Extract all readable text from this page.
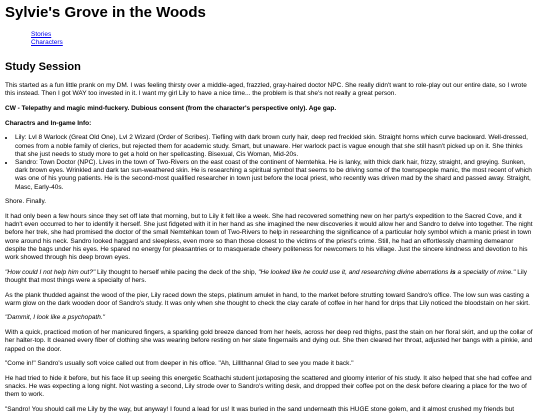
Sylvie's Grove in the Woods
Stories
Characters
Study Session

This started as a fun little prank on my DM. I was feeling thirsty over a middle-aged, frazzled, gray-haired doctor NPC. She really didn't want to role-play out our entire date, so I wrote this instead. Then I got WAY too invested in it. I want my girl Lily to have a nice time... the problem is that she's not really a great person.

CW - Telepathy and magic mind-fuckery. Dubious consent (from the character's perspective only). Age gap.

Charactrs and In-game Info:

• Lily: Lvl 8 Warlock (Great Old One), Lvl 2 Wizard (Order of Scribes). Tiefling with dark brown curly hair, deep red freckled skin. Straight horns which curve backward. Well-dressed, comes from a noble family of clerics, but rejected them for academic study. Smart, but unaware. Her warlock pact is vague enough that she still hasn't picked up on it. She thinks that she just needs to study more to get a hold on her spellcasting. Bisexual, Cis Woman, Mid-20s.
• Sandro: Town Doctor (NPC). Lives in the town of Two-Rivers on the east coast of the continent of Nemtehka. He is lanky, with thick dark hair, frizzy, straight, and greying. Sunken, dark brown eyes. Wrinkled and dark tan sun-weathered skin. He is researching a spiritual symbol that seems to be driving some of the townspeople manic, the most recent of which was one of his young patients. He is the second-most qualified researcher in town just before the local priest, who recently was driven mad by the shard and passed away. Straight, Masc, Early-40s.

Shore. Finally.

It had only been a few hours since they set off late that morning, but to Lily it felt like a week. She had recovered something new on her party's expedition to the Sacred Cove, and it hadn't even occurred to her to identify it herself. She just fidgeted with it in her hand as she imagined the new discoveries it would allow her and Sandro to delve into together. The night before her trek, she had promised the doctor of the small Nemtehkan town of Two-Rivers to help in researching the significance of a particular holy symbol which a manic priest in town wore around his neck. Sandro looked haggard and sleepless, even more so than those closest to the victims of the priest's crime. Still, he had an effortlessly charming demeanor despite the bags under his eyes. He spared no energy for pleasantries or to masquerade cheery politeness for newcomers to his village. Just the sincere kindness and devotion to his work showed through his deep brown eyes.

"How could I not help him out?" Lily thought to herself while pacing the deck of the ship, "He looked like he could use it, and researching divine aberrations is a specialty of mine." Lily thought that most things were a specialty of hers.

As the plank thudded against the wood of the pier, Lily raced down the steps, platinum amulet in hand, to the market before strutting toward Sandro's office. The low sun was casting a warm glow on the dark wooden door of Sandro's study. It was only when she thought to check the clay carafe of coffee in her hand for drips that Lily noticed the bloodstain on her skirt.

"Dammit, I look like a psychopath."

With a quick, practiced motion of her manicured fingers, a sparkling gold breeze danced from her heels, across her deep red thighs, past the stain on her floral skirt, and up the collar of her halter-top. It cleaned every fiber of clothing she was wearing before resting on her slate fingernails and dying out. She then cleared her throat, adjusted her bangs with a pinkie, and rapped on the door.

"Come in!" Sandro's usually soft voice called out from deeper in his office. "Ah, Lilllthanna! Glad to see you made it back."

He had tried to hide it before, but his face lit up seeing this energetic Scathachi student juxtaposing the scattered and gloomy interior of his study. It also helped that she had coffee and snacks. He was expecting a long night. Not wasting a second, Lily strode over to Sandro's writing desk, and dropped their coffee pot on the desk before clearing a place for the two of them to work.

"Sandro! You should call me Lily by the way, but anyway! I found a lead for us! It was buried in the sand underneath this HUGE stone golem, and it almost crushed my friends but
